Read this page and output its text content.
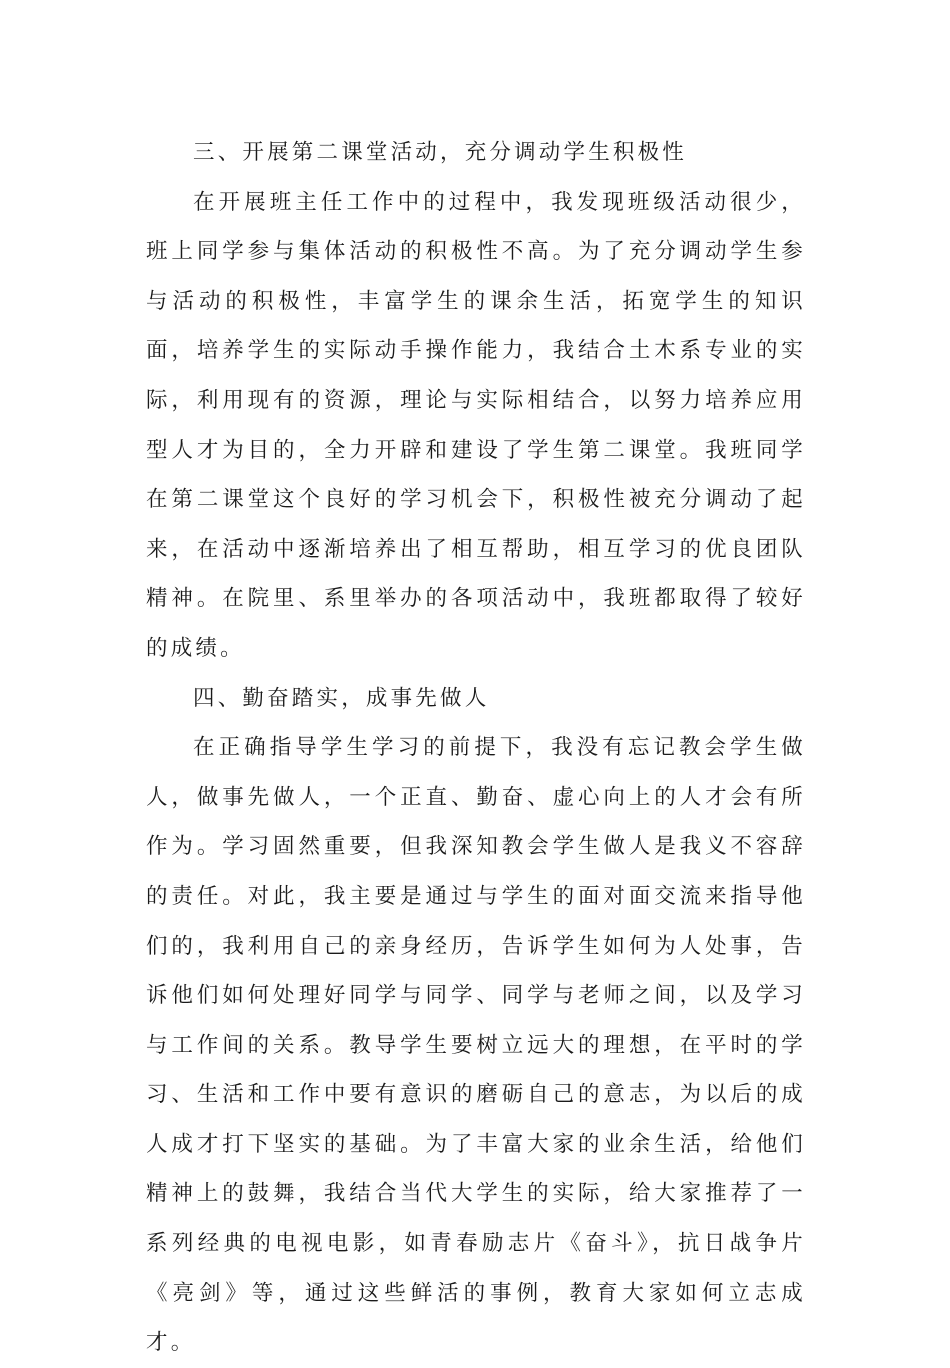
三、开展第二课堂活动，充分调动学生积极性

在开展班主任工作中的过程中，我发现班级活动很少，班上同学参与集体活动的积极性不高。为了充分调动学生参与活动的积极性，丰富学生的课余生活，拓宽学生的知识面，培养学生的实际动手操作能力，我结合土木系专业的实际，利用现有的资源，理论与实际相结合，以努力培养应用型人才为目的，全力开辟和建设了学生第二课堂。我班同学在第二课堂这个良好的学习机会下，积极性被充分调动了起来，在活动中逐渐培养出了相互帮助，相互学习的优良团队精神。在院里、系里举办的各项活动中，我班都取得了较好的成绩。

四、勤奋踏实，成事先做人

在正确指导学生学习的前提下，我没有忘记教会学生做人，做事先做人，一个正直、勤奋、虚心向上的人才会有所作为。学习固然重要，但我深知教会学生做人是我义不容辞的责任。对此，我主要是通过与学生的面对面交流来指导他们的，我利用自己的亲身经历，告诉学生如何为人处事，告诉他们如何处理好同学与同学、同学与老师之间，以及学习与工作间的关系。教导学生要树立远大的理想，在平时的学习、生活和工作中要有意识的磨砺自己的意志，为以后的成人成才打下坚实的基础。为了丰富大家的业余生活，给他们精神上的鼓舞，我结合当代大学生的实际，给大家推荐了一系列经典的电视电影，如青春励志片《奋斗》，抗日战争片《亮剑》等，通过这些鲜活的事例，教育大家如何立志成才。
